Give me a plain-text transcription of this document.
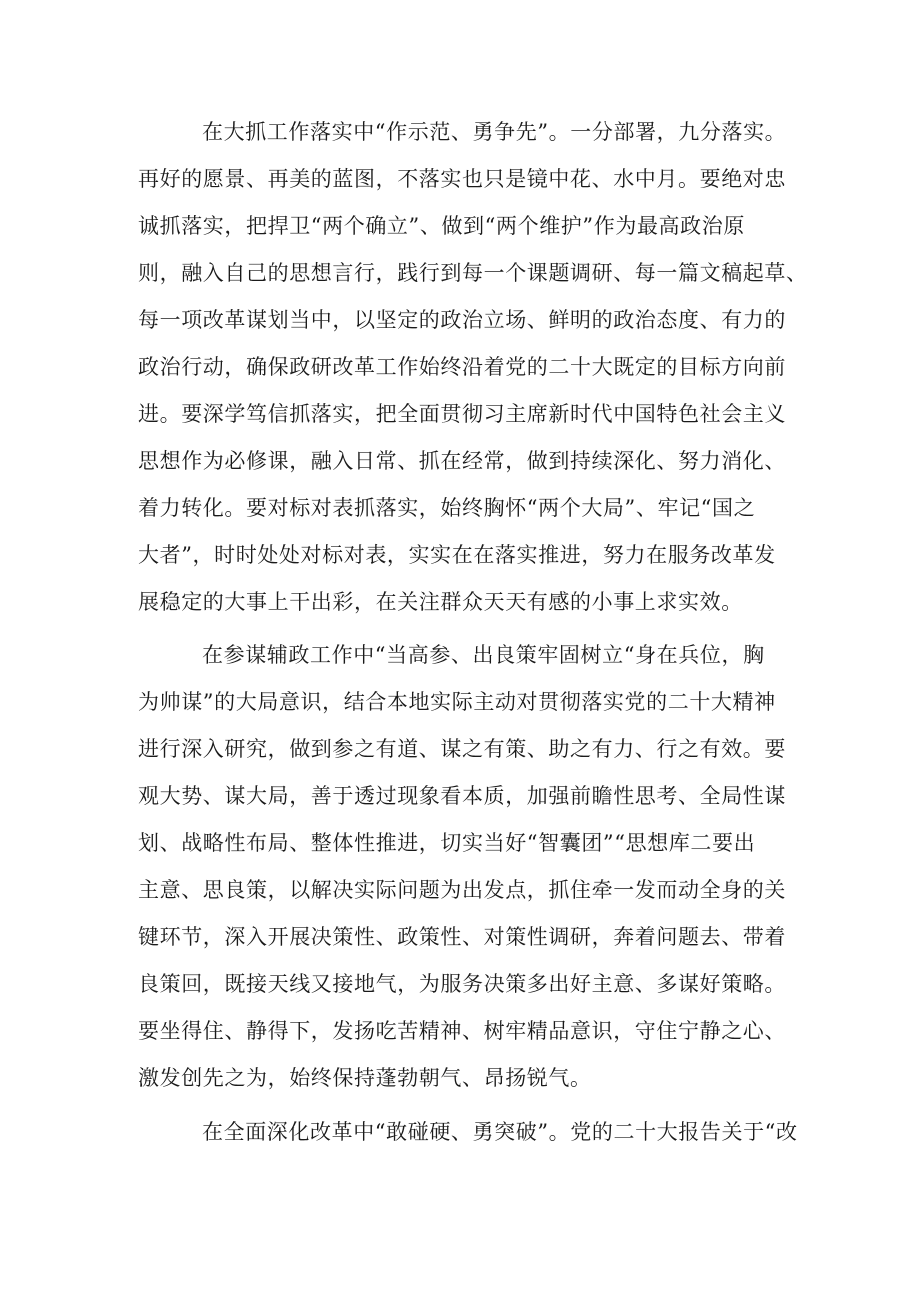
在大抓工作落实中“作示范、勇争先”。一分部署，九分落实。
再好的愿景、再美的蓝图，不落实也只是镜中花、水中月。要绝对忠
诚抓落实，把捍卫“两个确立”、做到“两个维护”作为最高政治原
则，融入自己的思想言行，践行到每一个课题调研、每一篇文稿起草、
每一项改革谋划当中，以坚定的政治立场、鲜明的政治态度、有力的
政治行动，确保政研改革工作始终沿着党的二十大既定的目标方向前
进。要深学笃信抓落实，把全面贯彻习主席新时代中国特色社会主义
思想作为必修课，融入日常、抓在经常，做到持续深化、努力消化、
着力转化。要对标对表抓落实，始终胸怀“两个大局”、牢记“国之
大者”，时时处处对标对表，实实在在落实推进，努力在服务改革发
展稳定的大事上干出彩，在关注群众天天有感的小事上求实效。
在参谋辅政工作中“当高参、出良策牢固树立“身在兵位，胸
为帅谋”的大局意识，结合本地实际主动对贯彻落实党的二十大精神
进行深入研究，做到参之有道、谋之有策、助之有力、行之有效。要
观大势、谋大局，善于透过现象看本质，加强前瞻性思考、全局性谋
划、战略性布局、整体性推进，切实当好“智囊团”“思想库二要出
主意、思良策，以解决实际问题为出发点，抓住牵一发而动全身的关
键环节，深入开展决策性、政策性、对策性调研，奔着问题去、带着
良策回，既接天线又接地气，为服务决策多出好主意、多谋好策略。
要坐得住、静得下，发扬吃苦精神、树牢精品意识，守住宁静之心、
激发创先之为，始终保持蓬勃朝气、昂扬锐气。
在全面深化改革中“敢碰硬、勇突破”。党的二十大报告关于“改
